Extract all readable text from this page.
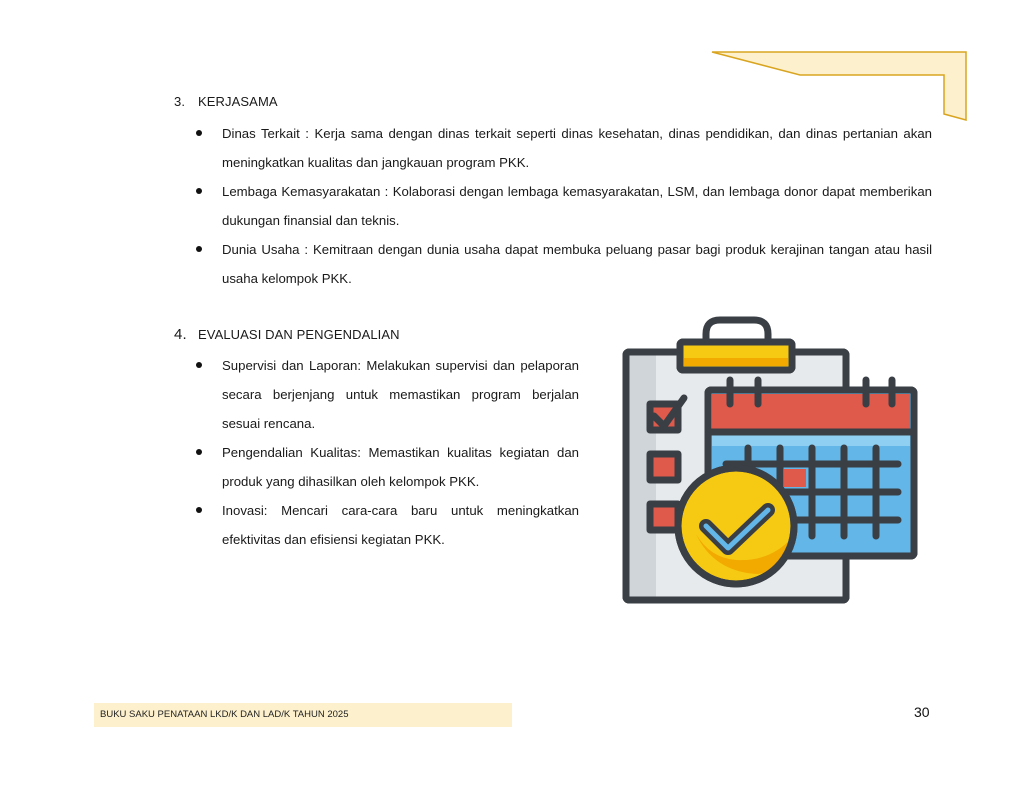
3. KERJASAMA
Dinas Terkait : Kerja sama dengan dinas terkait seperti dinas kesehatan, dinas pendidikan, dan dinas pertanian akan meningkatkan kualitas dan jangkauan program PKK.
Lembaga Kemasyarakatan : Kolaborasi dengan lembaga kemasyarakatan, LSM, dan lembaga donor dapat memberikan dukungan finansial dan teknis.
Dunia Usaha : Kemitraan dengan dunia usaha dapat membuka peluang pasar bagi produk kerajinan tangan atau hasil usaha kelompok PKK.
4. EVALUASI DAN PENGENDALIAN
Supervisi dan Laporan: Melakukan supervisi dan pelaporan secara berjenjang untuk memastikan program berjalan sesuai rencana.
Pengendalian Kualitas: Memastikan kualitas kegiatan dan produk yang dihasilkan oleh kelompok PKK.
Inovasi: Mencari cara-cara baru untuk meningkatkan efektivitas dan efisiensi kegiatan PKK.
BUKU SAKU PENATAAN LKD/K DAN LAD/K TAHUN 2025	30
